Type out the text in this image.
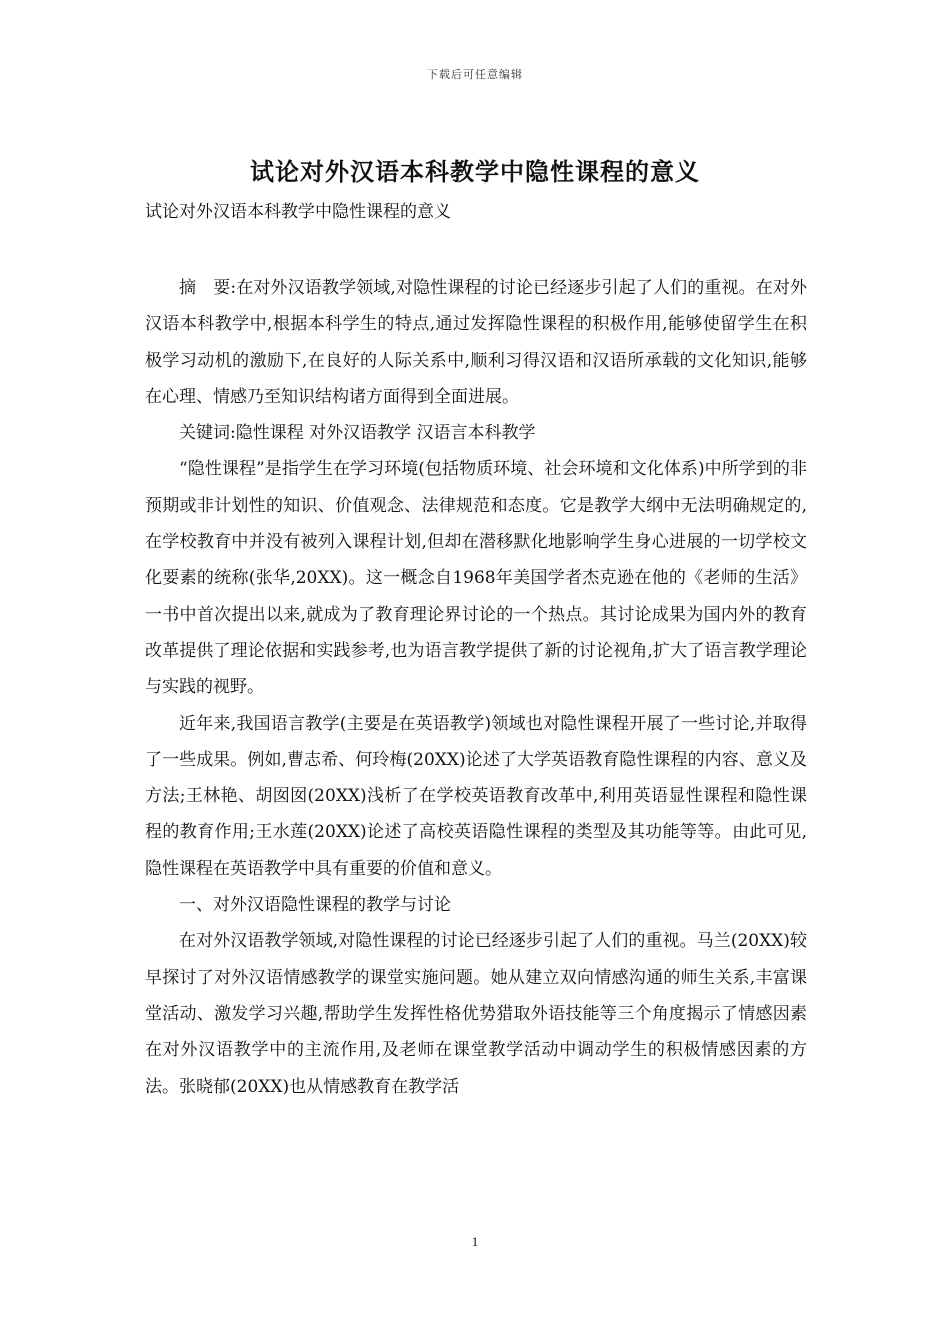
下载后可任意编辑
试论对外汉语本科教学中隐性课程的意义
试论对外汉语本科教学中隐性课程的意义

摘　要:在对外汉语教学领域,对隐性课程的讨论已经逐步引起了人们的重视。在对外汉语本科教学中,根据本科学生的特点,通过发挥隐性课程的积极作用,能够使留学生在积极学习动机的激励下,在良好的人际关系中,顺利习得汉语和汉语所承载的文化知识,能够在心理、情感乃至知识结构诸方面得到全面进展。

关键词:隐性课程 对外汉语教学 汉语言本科教学

“隐性课程”是指学生在学习环境(包括物质环境、社会环境和文化体系)中所学到的非预期或非计划性的知识、价值观念、法律规范和态度。它是教学大纲中无法明确规定的,在学校教育中并没有被列入课程计划,但却在潜移默化地影响学生身心进展的一切学校文化要素的统称(张华,20XX)。这一概念自1968年美国学者杰克逊在他的《老师的生活》一书中首次提出以来,就成为了教育理论界讨论的一个热点。其讨论成果为国内外的教育改革提供了理论依据和实践参考,也为语言教学提供了新的讨论视角,扩大了语言教学理论与实践的视野。

近年来,我国语言教学(主要是在英语教学)领域也对隐性课程开展了一些讨论,并取得了一些成果。例如,曹志希、何玲梅(20XX)论述了大学英语教育隐性课程的内容、意义及方法;王林艳、胡囡囡(20XX)浅析了在学校英语教育改革中,利用英语显性课程和隐性课程的教育作用;王水莲(20XX)论述了高校英语隐性课程的类型及其功能等等。由此可见,隐性课程在英语教学中具有重要的价值和意义。

一、对外汉语隐性课程的教学与讨论

在对外汉语教学领域,对隐性课程的讨论已经逐步引起了人们的重视。马兰(20XX)较早探讨了对外汉语情感教学的课堂实施问题。她从建立双向情感沟通的师生关系,丰富课堂活动、激发学习兴趣,帮助学生发挥性格优势猎取外语技能等三个角度揭示了情感因素在对外汉语教学中的主流作用,及老师在课堂教学活动中调动学生的积极情感因素的方法。张晓郁(20XX)也从情感教育在教学活

1
